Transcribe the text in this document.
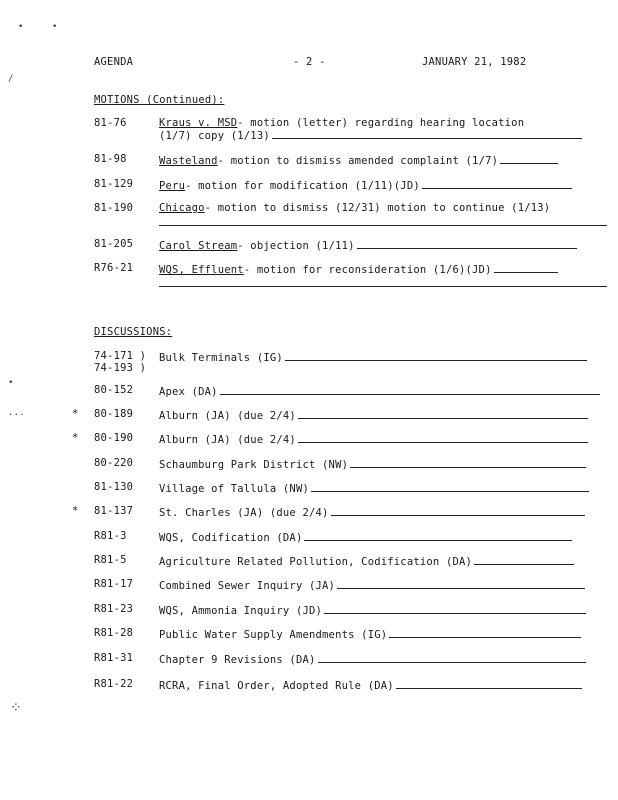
•	•
/
•
...
⁘
AGENDA	- 2 -	JANUARY 21, 1982
MOTIONS (Continued):
81-76	Kraus v. MSD - motion (letter) regarding hearing location
(1/7) copy (1/13)
81-98	Wasteland - motion to dismiss amended complaint (1/7)
81-129 Peru - motion for modification (1/11)(JD)
81-190 Chicago - motion to dismiss (12/31) motion to continue (1/13)
81-205 Carol Stream - objection (1/11)
R76-21 WQS, Effluent - motion for reconsideration (1/6)(JD)
DISCUSSIONS:
74-171 ) Bulk Terminals (IG)
74-193 )
80-152 Apex (DA)
* 80-189 Alburn (JA) (due 2/4)
* 80-190 Alburn (JA) (due 2/4)
80-220 Schaumburg Park District (NW)
81-130 Village of Tallula (NW)
* 81-137 St. Charles (JA) (due 2/4)
R81-3	WQS, Codification (DA)
R81-5	Agriculture Related Pollution, Codification (DA)
R81-17 Combined Sewer Inquiry (JA)
R81-23 WQS, Ammonia Inquiry (JD)
R81-28 Public Water Supply Amendments (IG)
R81-31 Chapter 9 Revisions (DA)
R81-22 RCRA, Final Order, Adopted Rule (DA)
